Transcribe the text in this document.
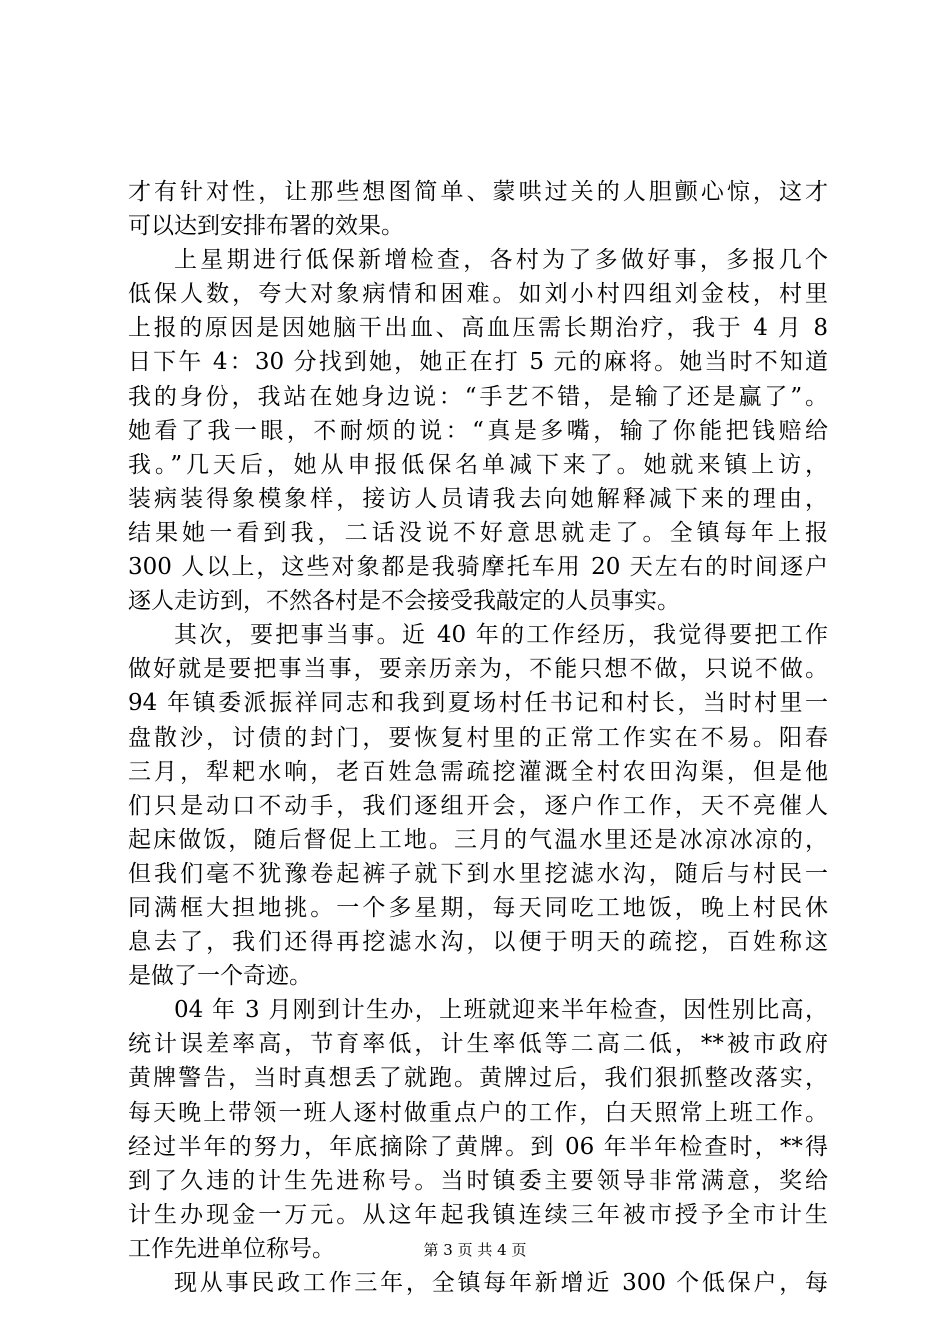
才有针对性，让那些想图简单、蒙哄过关的人胆颤心惊，这才
可以达到安排布署的效果。
上星期进行低保新增检查，各村为了多做好事，多报几个
低保人数，夸大对象病情和困难。如刘小村四组刘金枝，村里
上报的原因是因她脑干出血、高血压需长期治疗，我于 4 月 8
日下午 4：30 分找到她，她正在打 5 元的麻将。她当时不知道
我的身份，我站在她身边说：“手艺不错，是输了还是赢了”。
她看了我一眼，不耐烦的说：“真是多嘴，输了你能把钱赔给
我。”几天后，她从申报低保名单减下来了。她就来镇上访，
装病装得象模象样，接访人员请我去向她解释减下来的理由，
结果她一看到我，二话没说不好意思就走了。全镇每年上报
300 人以上，这些对象都是我骑摩托车用 20 天左右的时间逐户
逐人走访到，不然各村是不会接受我敲定的人员事实。
其次，要把事当事。近 40 年的工作经历，我觉得要把工作
做好就是要把事当事，要亲历亲为，不能只想不做，只说不做。
94 年镇委派振祥同志和我到夏场村任书记和村长，当时村里一
盘散沙，讨债的封门，要恢复村里的正常工作实在不易。阳春
三月，犁耙水响，老百姓急需疏挖灌溉全村农田沟渠，但是他
们只是动口不动手，我们逐组开会，逐户作工作，天不亮催人
起床做饭，随后督促上工地。三月的气温水里还是冰凉冰凉的，
但我们毫不犹豫卷起裤子就下到水里挖滤水沟，随后与村民一
同满框大担地挑。一个多星期，每天同吃工地饭，晚上村民休
息去了，我们还得再挖滤水沟，以便于明天的疏挖，百姓称这
是做了一个奇迹。
04 年 3 月刚到计生办，上班就迎来半年检查，因性别比高，
统计误差率高，节育率低，计生率低等二高二低，**被市政府
黄牌警告，当时真想丢了就跑。黄牌过后，我们狠抓整改落实，
每天晚上带领一班人逐村做重点户的工作，白天照常上班工作。
经过半年的努力，年底摘除了黄牌。到 06 年半年检查时，**得
到了久违的计生先进称号。当时镇委主要领导非常满意，奖给
计生办现金一万元。从这年起我镇连续三年被市授予全市计生
工作先进单位称号。
现从事民政工作三年，全镇每年新增近 300 个低保户，每
第 3 页 共 4 页
